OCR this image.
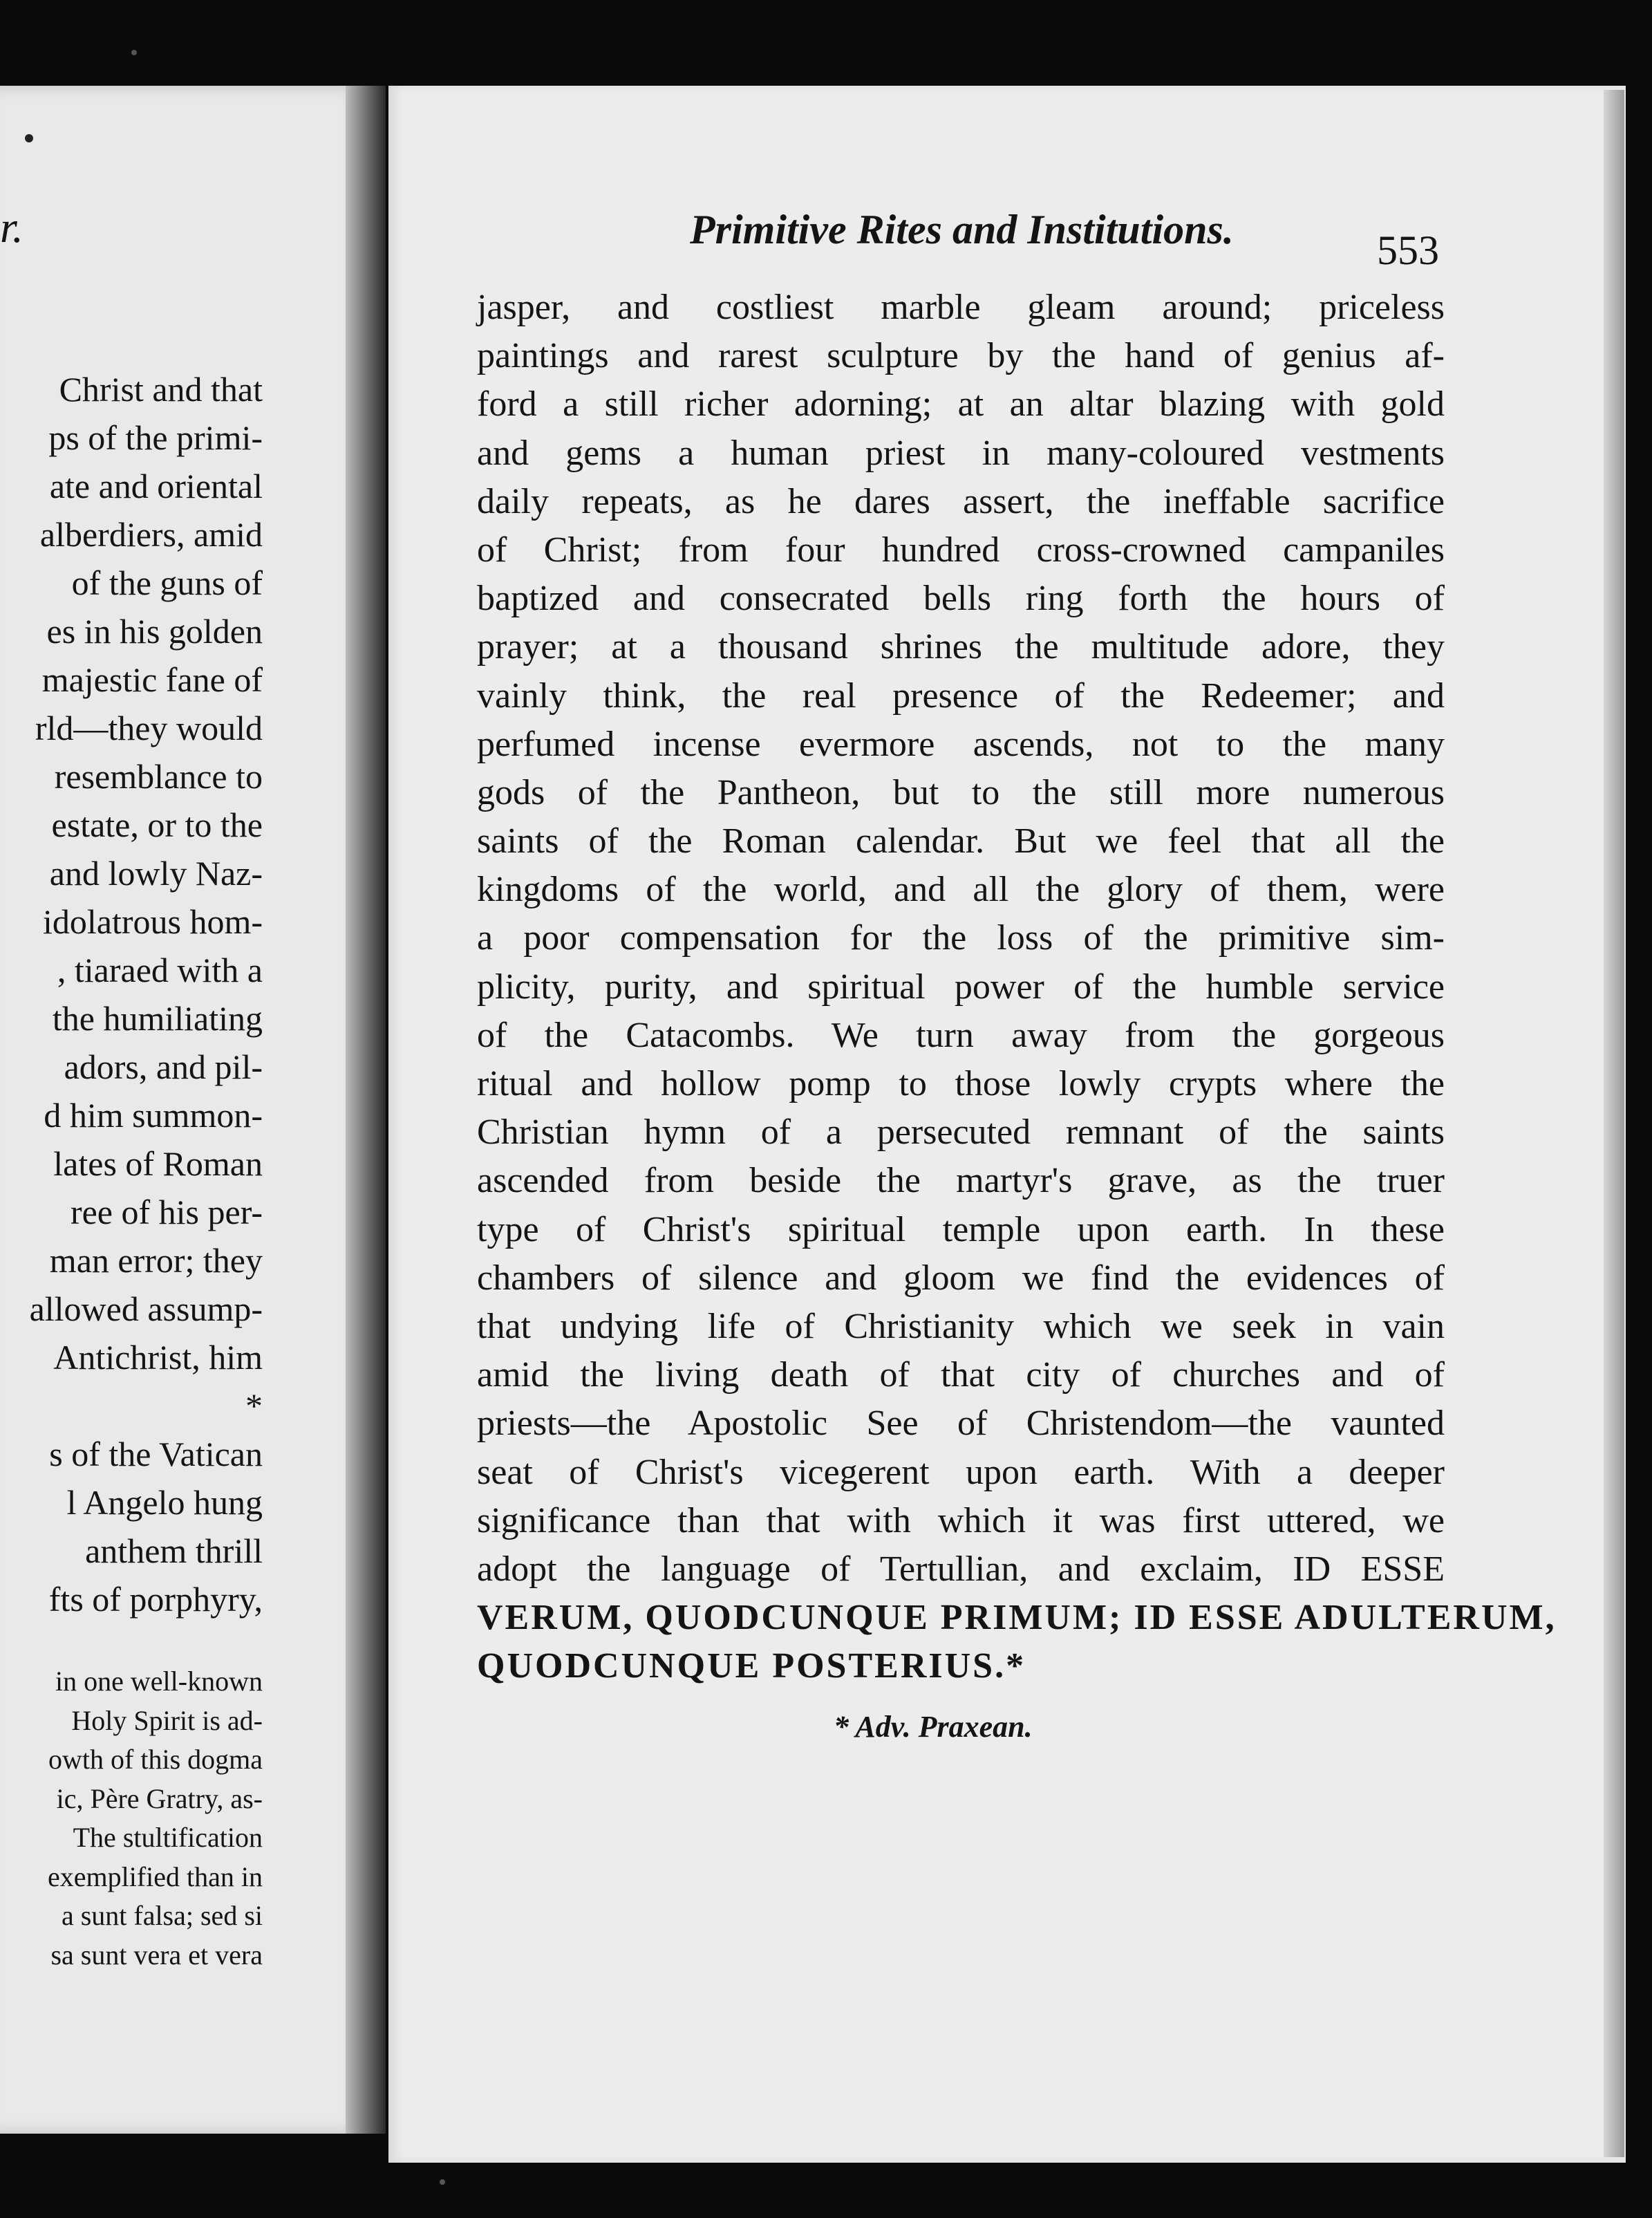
r.
Christ and that
ps of the primi-
ate and oriental
alberdiers, amid
of the guns of
es in his golden
majestic fane of
rld—they would
resemblance to
estate, or to the
and lowly Naz-
idolatrous hom-
, tiaraed with a
the humiliating
adors, and pil-
d him summon-
lates of Roman
ree of his per-
man error; they
allowed assump-
Antichrist, him
*
s of the Vatican
l Angelo hung
anthem thrill
fts of porphyry,
in one well-known
Holy Spirit is ad-
owth of this dogma
ic, Père Gratry, as-
The stultification
exemplified than in
a sunt falsa; sed si
sa sunt vera et vera
Primitive Rites and Institutions.	553
jasper, and costliest marble gleam around; priceless
paintings and rarest sculpture by the hand of genius af-
ford a still richer adorning; at an altar blazing with gold
and gems a human priest in many-coloured vestments
daily repeats, as he dares assert, the ineffable sacrifice
of Christ; from four hundred cross-crowned campaniles
baptized and consecrated bells ring forth the hours of
prayer; at a thousand shrines the multitude adore, they
vainly think, the real presence of the Redeemer; and
perfumed incense evermore ascends, not to the many
gods of the Pantheon, but to the still more numerous
saints of the Roman calendar. But we feel that all the
kingdoms of the world, and all the glory of them, were
a poor compensation for the loss of the primitive sim-
plicity, purity, and spiritual power of the humble service
of the Catacombs. We turn away from the gorgeous
ritual and hollow pomp to those lowly crypts where the
Christian hymn of a persecuted remnant of the saints
ascended from beside the martyr's grave, as the truer
type of Christ's spiritual temple upon earth. In these
chambers of silence and gloom we find the evidences of
that undying life of Christianity which we seek in vain
amid the living death of that city of churches and of
priests—the Apostolic See of Christendom—the vaunted
seat of Christ's vicegerent upon earth. With a deeper
significance than that with which it was first uttered, we
adopt the language of Tertullian, and exclaim, ID ESSE
VERUM, QUODCUNQUE PRIMUM; ID ESSE ADULTERUM,
QUODCUNQUE POSTERIUS.*
* Adv. Praxean.
